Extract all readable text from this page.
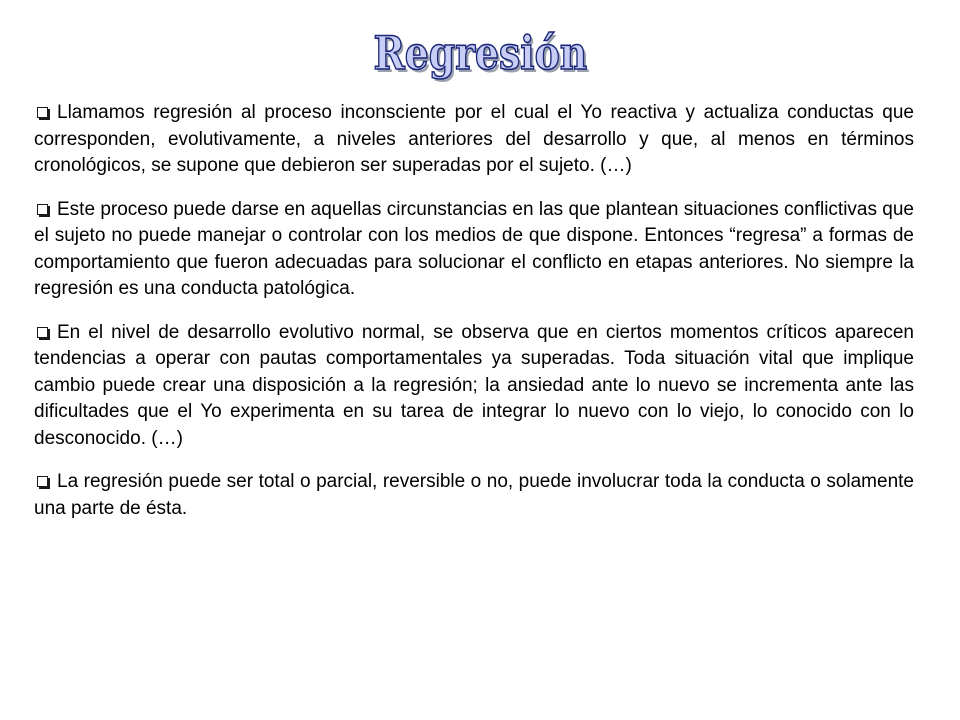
Regresión

Llamamos regresión al proceso inconsciente por el cual el Yo reactiva y actualiza conductas que corresponden, evolutivamente, a niveles anteriores del desarrollo y que, al menos en términos cronológicos, se supone que debieron ser superadas por el sujeto. (…)

Este proceso puede darse en aquellas circunstancias en las que plantean situaciones conflictivas que el sujeto no puede manejar o controlar con los medios de que dispone. Entonces “regresa” a formas de comportamiento que fueron adecuadas para solucionar el conflicto en etapas anteriores. No siempre la regresión es una conducta patológica.

En el nivel de desarrollo evolutivo normal, se observa que en ciertos momentos críticos aparecen tendencias a operar con pautas comportamentales ya superadas. Toda situación vital que implique cambio puede crear una disposición a la regresión; la ansiedad ante lo nuevo se incrementa ante las dificultades que el Yo experimenta en su tarea de integrar lo nuevo con lo viejo, lo conocido con lo desconocido. (…)

La regresión puede ser total o parcial, reversible o no, puede involucrar toda la conducta o solamente una parte de ésta.
